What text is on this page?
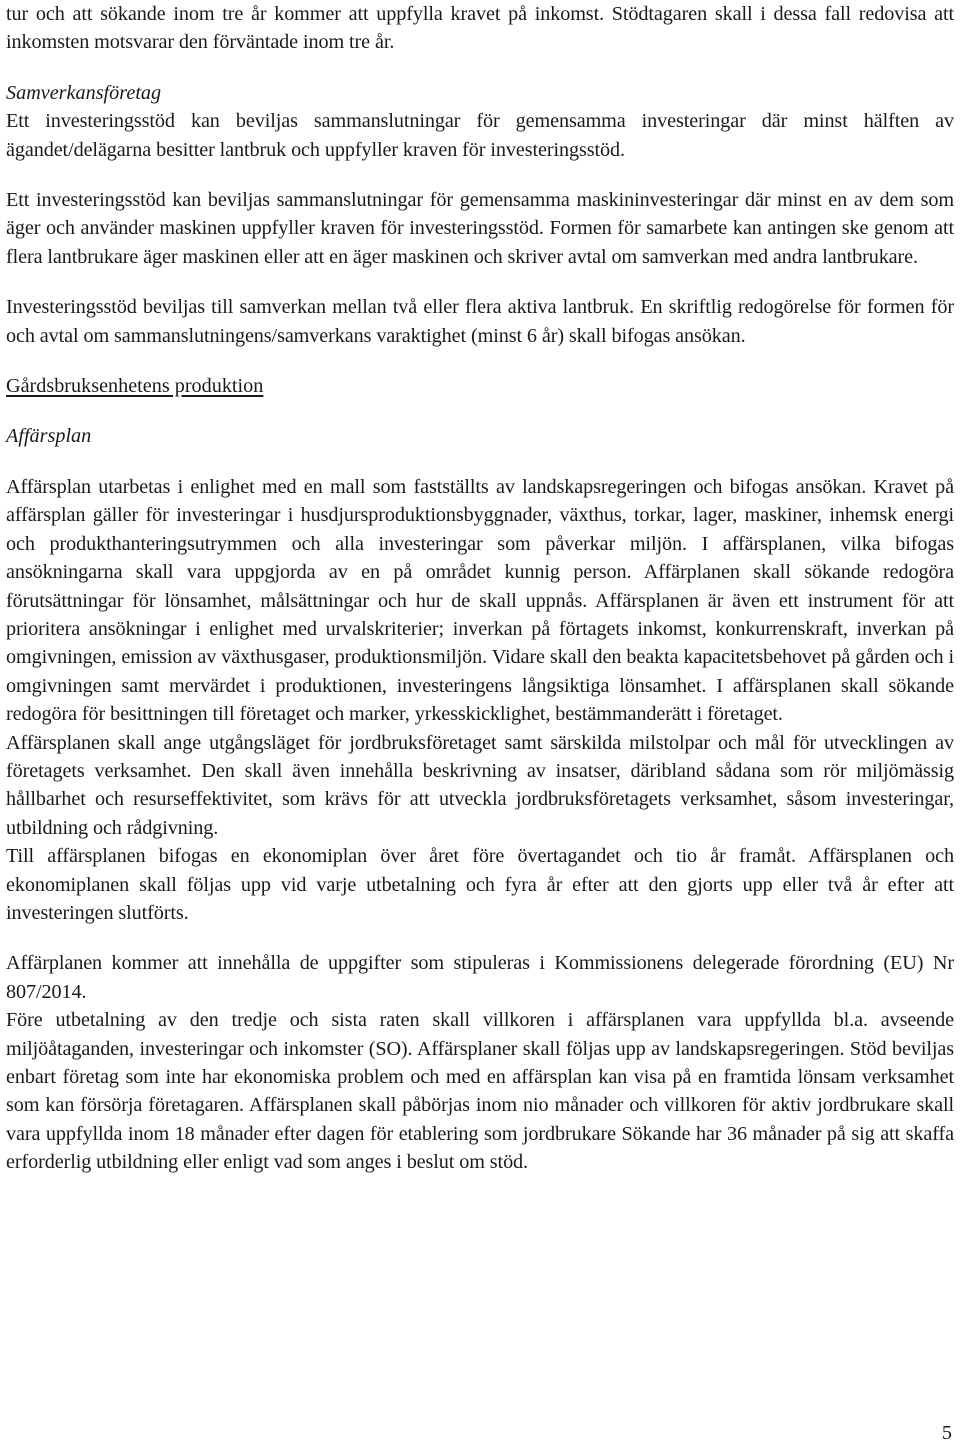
tur och att sökande inom tre år kommer att uppfylla kravet på inkomst. Stödtagaren skall i dessa fall redovisa att inkomsten motsvarar den förväntade inom tre år.

Samverkansföretag

Ett investeringsstöd kan beviljas sammanslutningar för gemensamma investeringar där minst hälften av ägandet/delägarna besitter lantbruk och uppfyller kraven för investeringsstöd.

Ett investeringsstöd kan beviljas sammanslutningar för gemensamma maskininvesteringar där minst en av dem som äger och använder maskinen uppfyller kraven för investeringsstöd. Formen för samarbete kan antingen ske genom att flera lantbrukare äger maskinen eller att en äger maskinen och skriver avtal om samverkan med andra lantbrukare.

Investeringsstöd beviljas till samverkan mellan två eller flera aktiva lantbruk. En skriftlig redogörelse för formen för och avtal om sammanslutningens/samverkans varaktighet (minst 6 år) skall bifogas ansökan.

Gårdsbruksenhetens produktion

Affärsplan

Affärsplan utarbetas i enlighet med en mall som fastställts av landskapsregeringen och bifogas ansökan. Kravet på affärsplan gäller för investeringar i husdjursproduktionsbyggnader, växthus, torkar, lager, maskiner, inhemsk energi och produkthanteringsutrymmen och alla investeringar som påverkar miljön. I affärsplanen, vilka bifogas ansökningarna skall vara uppgjorda av en på området kunnig person. Affärplanen skall sökande redogöra förutsättningar för lönsamhet, målsättningar och hur de skall uppnås. Affärsplanen är även ett instrument för att prioritera ansökningar i enlighet med urvalskriterier; inverkan på förtagets inkomst, konkurrenskraft, inverkan på omgivningen, emission av växthusgaser, produktionsmiljön. Vidare skall den beakta kapacitetsbehovet på gården och i omgivningen samt mervärdet i produktionen, investeringens långsiktiga lönsamhet. I affärsplanen skall sökande redogöra för besittningen till företaget och marker, yrkesskicklighet, bestämmanderätt i företaget.

Affärsplanen skall ange utgångsläget för jordbruksföretaget samt särskilda milstolpar och mål för utvecklingen av företagets verksamhet. Den skall även innehålla beskrivning av insatser, däribland sådana som rör miljömässig hållbarhet och resurseffektivitet, som krävs för att utveckla jordbruksföretagets verksamhet, såsom investeringar, utbildning och rådgivning.

Till affärsplanen bifogas en ekonomiplan över året före övertagandet och tio år framåt. Affärsplanen och ekonomiplanen skall följas upp vid varje utbetalning och fyra år efter att den gjorts upp eller två år efter att investeringen slutförts.

Affärplanen kommer att innehålla de uppgifter som stipuleras i Kommissionens delegerade förordning (EU) Nr 807/2014.

Före utbetalning av den tredje och sista raten skall villkoren i affärsplanen vara uppfyllda bl.a. avseende miljöåtaganden, investeringar och inkomster (SO). Affärsplaner skall följas upp av landskapsregeringen. Stöd beviljas enbart företag som inte har ekonomiska problem och med en affärsplan kan visa på en framtida lönsam verksamhet som kan försörja företagaren. Affärsplanen skall påbörjas inom nio månader och villkoren för aktiv jordbrukare skall vara uppfyllda inom 18 månader efter dagen för etablering som jordbrukare Sökande har 36 månader på sig att skaffa erforderlig utbildning eller enligt vad som anges i beslut om stöd.

5
